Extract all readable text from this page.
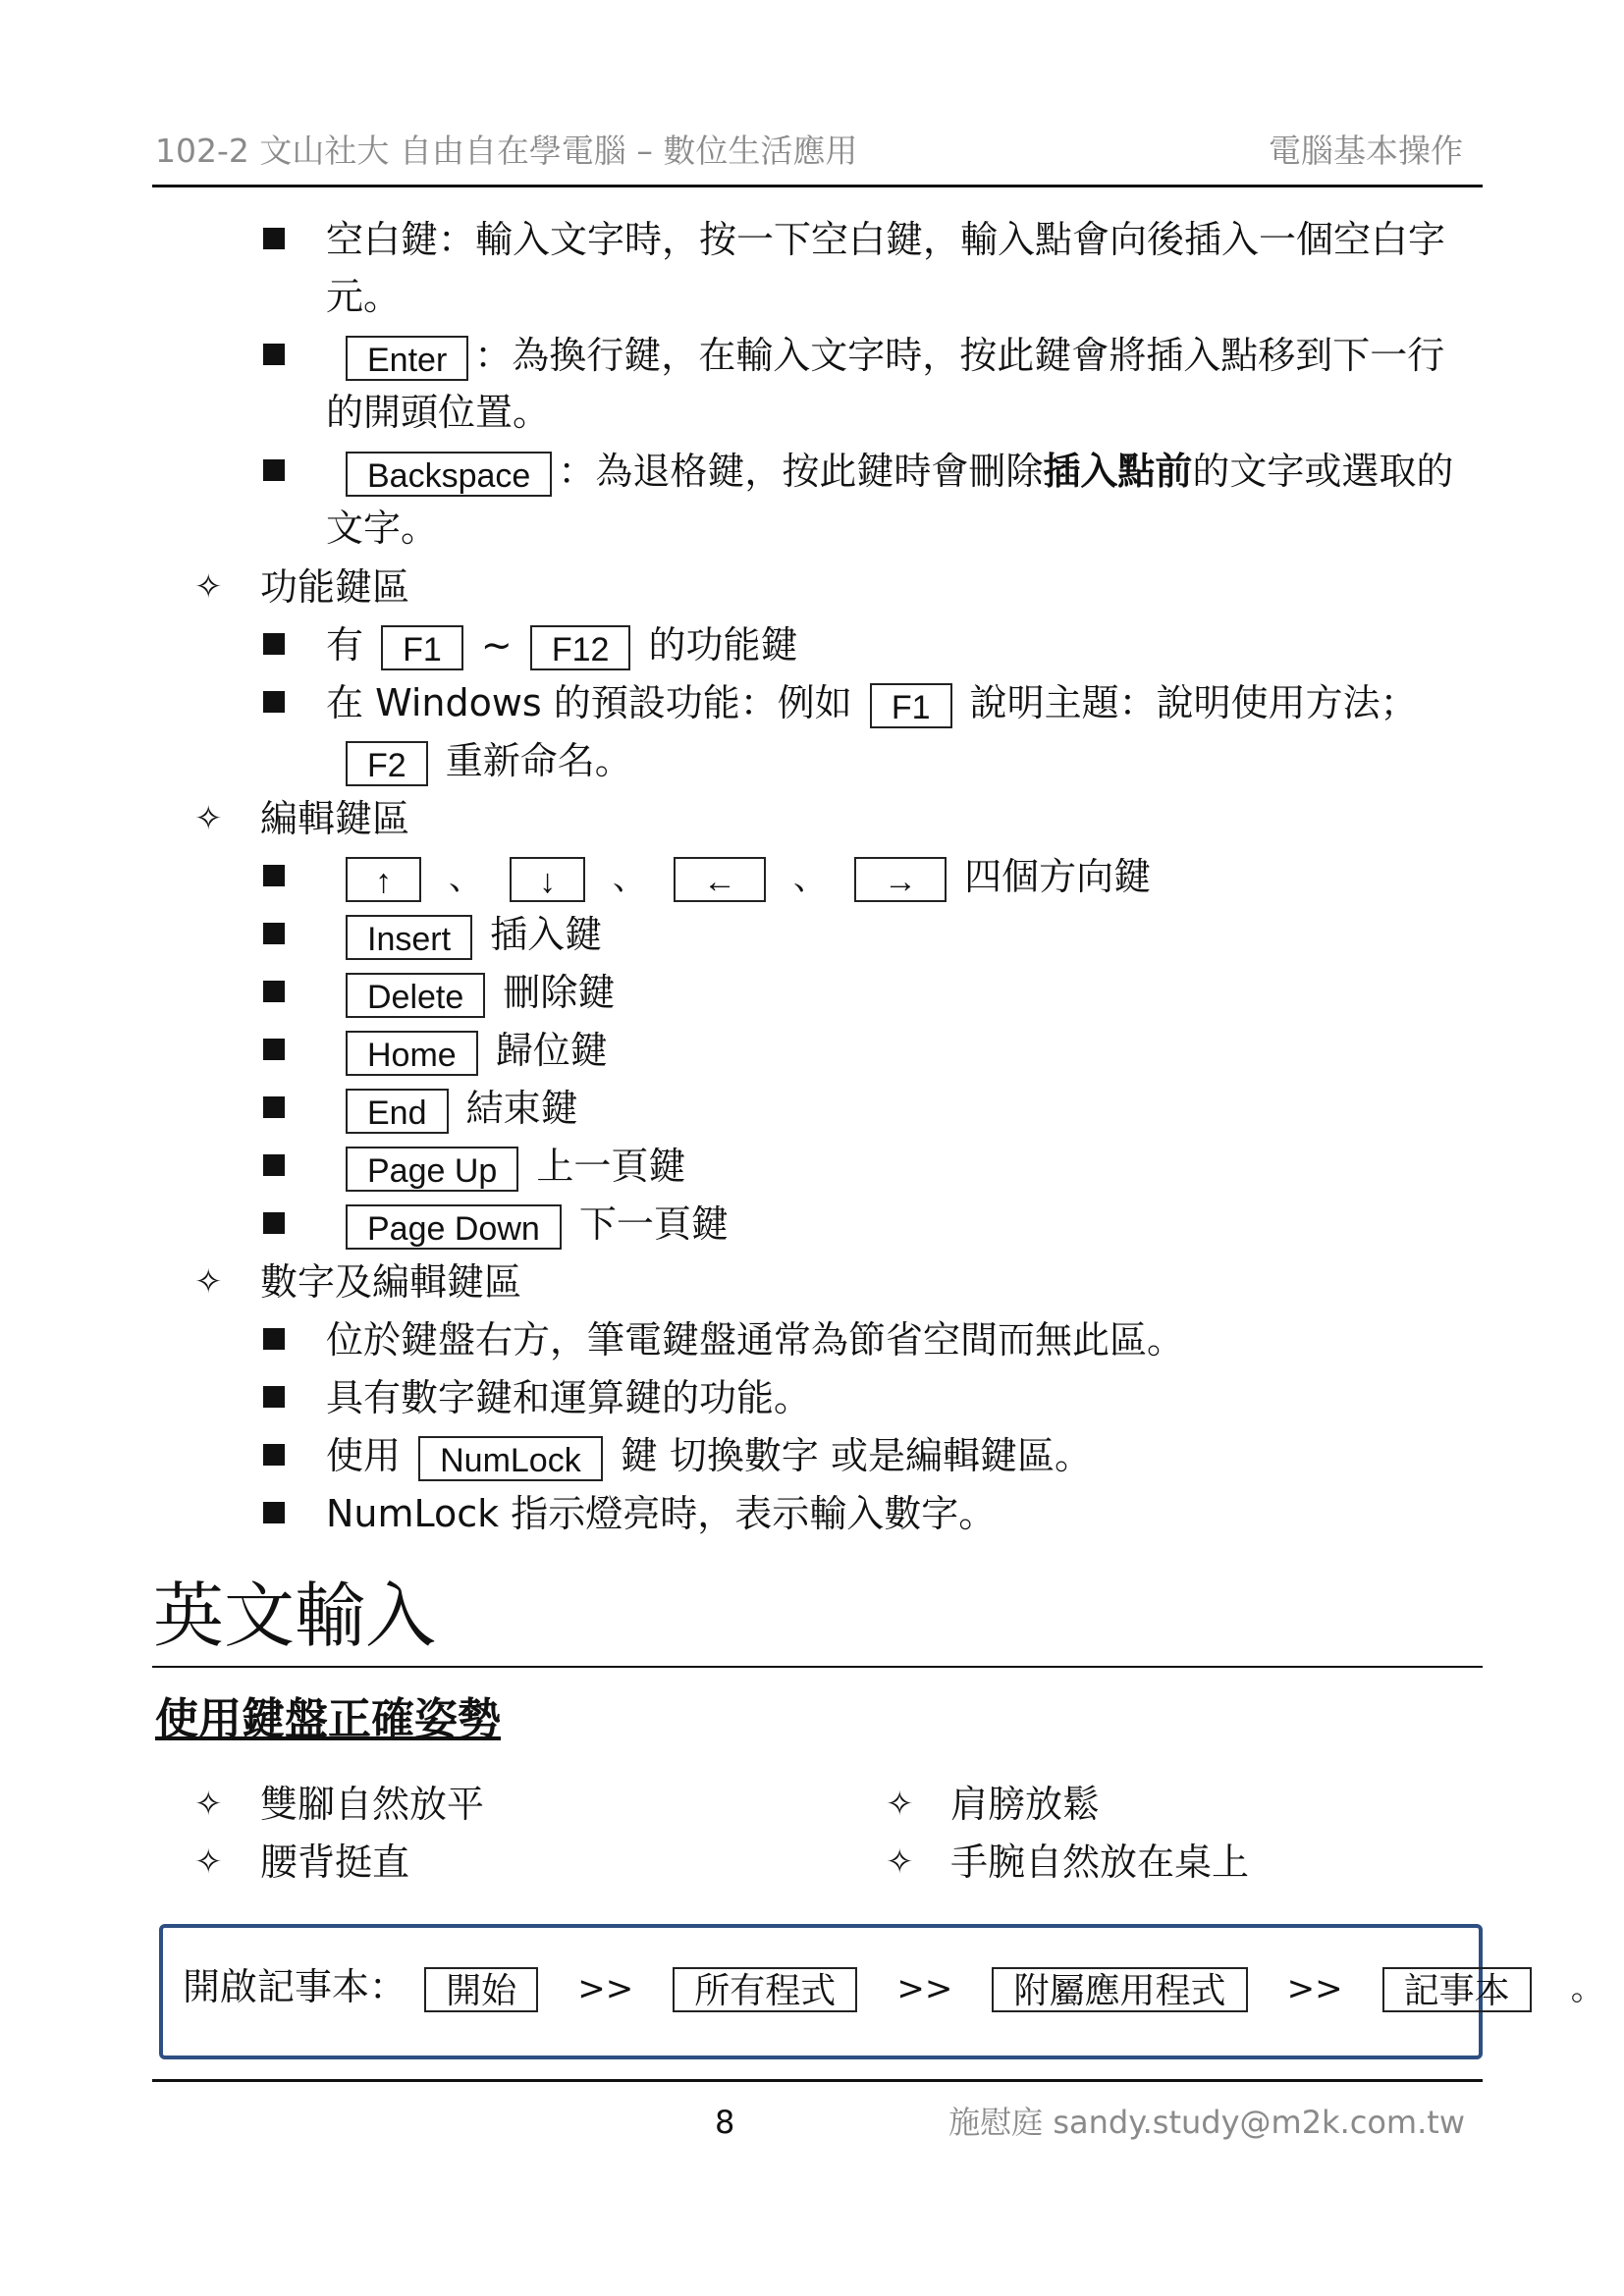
102-2 文山社大 自由自在學電腦 – 數位生活應用	電腦基本操作
空白鍵：輸入文字時，按一下空白鍵，輸入點會向後插入一個空白字
元。
Enter ：為換行鍵，在輸入文字時，按此鍵會將插入點移到下一行
的開頭位置。
Backspace ：為退格鍵，按此鍵時會刪除插入點前的文字或選取的
文字。
✧ 功能鍵區
有 F1 ~ F12 的功能鍵
在 Windows 的預設功能：例如 F1 說明主題：說明使用方法；
F2 重新命名。
✧ 編輯鍵區
↑ 、 ↓ 、 ← 、 → 四個方向鍵
Insert 插入鍵
Delete 刪除鍵
Home 歸位鍵
End 結束鍵
Page Up 上一頁鍵
Page Down 下一頁鍵
✧ 數字及編輯鍵區
位於鍵盤右方，筆電鍵盤通常為節省空間而無此區。
具有數字鍵和運算鍵的功能。
使用 NumLock 鍵 切換數字 或是編輯鍵區。
NumLock 指示燈亮時，表示輸入數字。
英文輸入
使用鍵盤正確姿勢
✧ 雙腳自然放平	✧ 肩膀放鬆
✧ 腰背挺直	✧ 手腕自然放在桌上
開啟記事本： 開始 >> 所有程式 >> 附屬應用程式 >> 記事本 。
8	施慰庭 sandy.study@m2k.com.tw
